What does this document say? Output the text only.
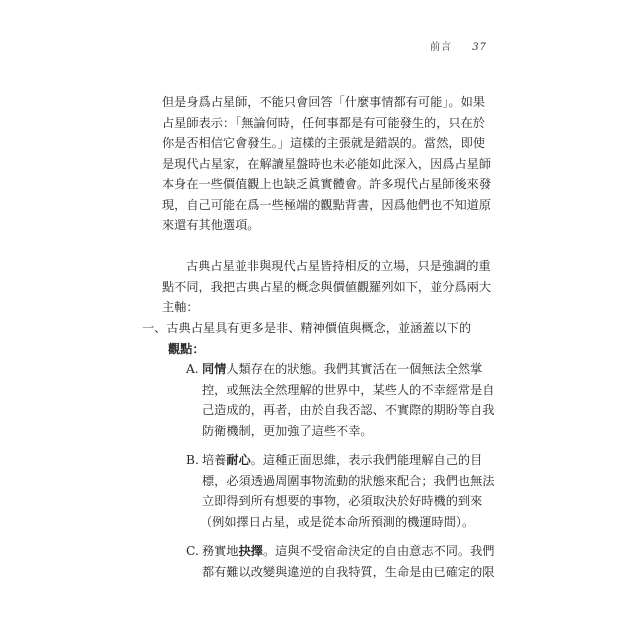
前言 37
但是身爲占星師，不能只會回答「什麼事情都有可能」。如果
占星師表示：「無論何時，任何事都是有可能發生的，只在於
你是否相信它會發生。」這樣的主張就是錯誤的。當然，即使
是現代占星家，在解讀星盤時也未必能如此深入，因爲占星師
本身在一些價值觀上也缺乏眞實體會。許多現代占星師後來發
現，自己可能在爲一些極端的觀點背書，因爲他們也不知道原
來還有其他選項。
古典占星並非與現代占星皆持相反的立場，只是強調的重
點不同，我把古典占星的概念與價値觀羅列如下，並分爲兩大
主軸：
一、古典占星具有更多是非、精神價值與概念，並涵蓋以下的
觀點：
A. 同情人類存在的狀態。我們其實活在一個無法全然掌
控，或無法全然理解的世界中，某些人的不幸經常是自
己造成的，再者，由於自我否認、不實際的期盼等自我
防衛機制，更加強了這些不幸。
B. 培養耐心。這種正面思維，表示我們能理解自己的目
標，必須透過周圍事物流動的狀態來配合；我們也無法
立即得到所有想要的事物，必須取決於好時機的到來
（例如擇日占星，或是從本命所預測的機運時間）。
C. 務實地抉擇。這與不受宿命決定的自由意志不同。我們
都有難以改變與違逆的自我特質，生命是由已確定的限
